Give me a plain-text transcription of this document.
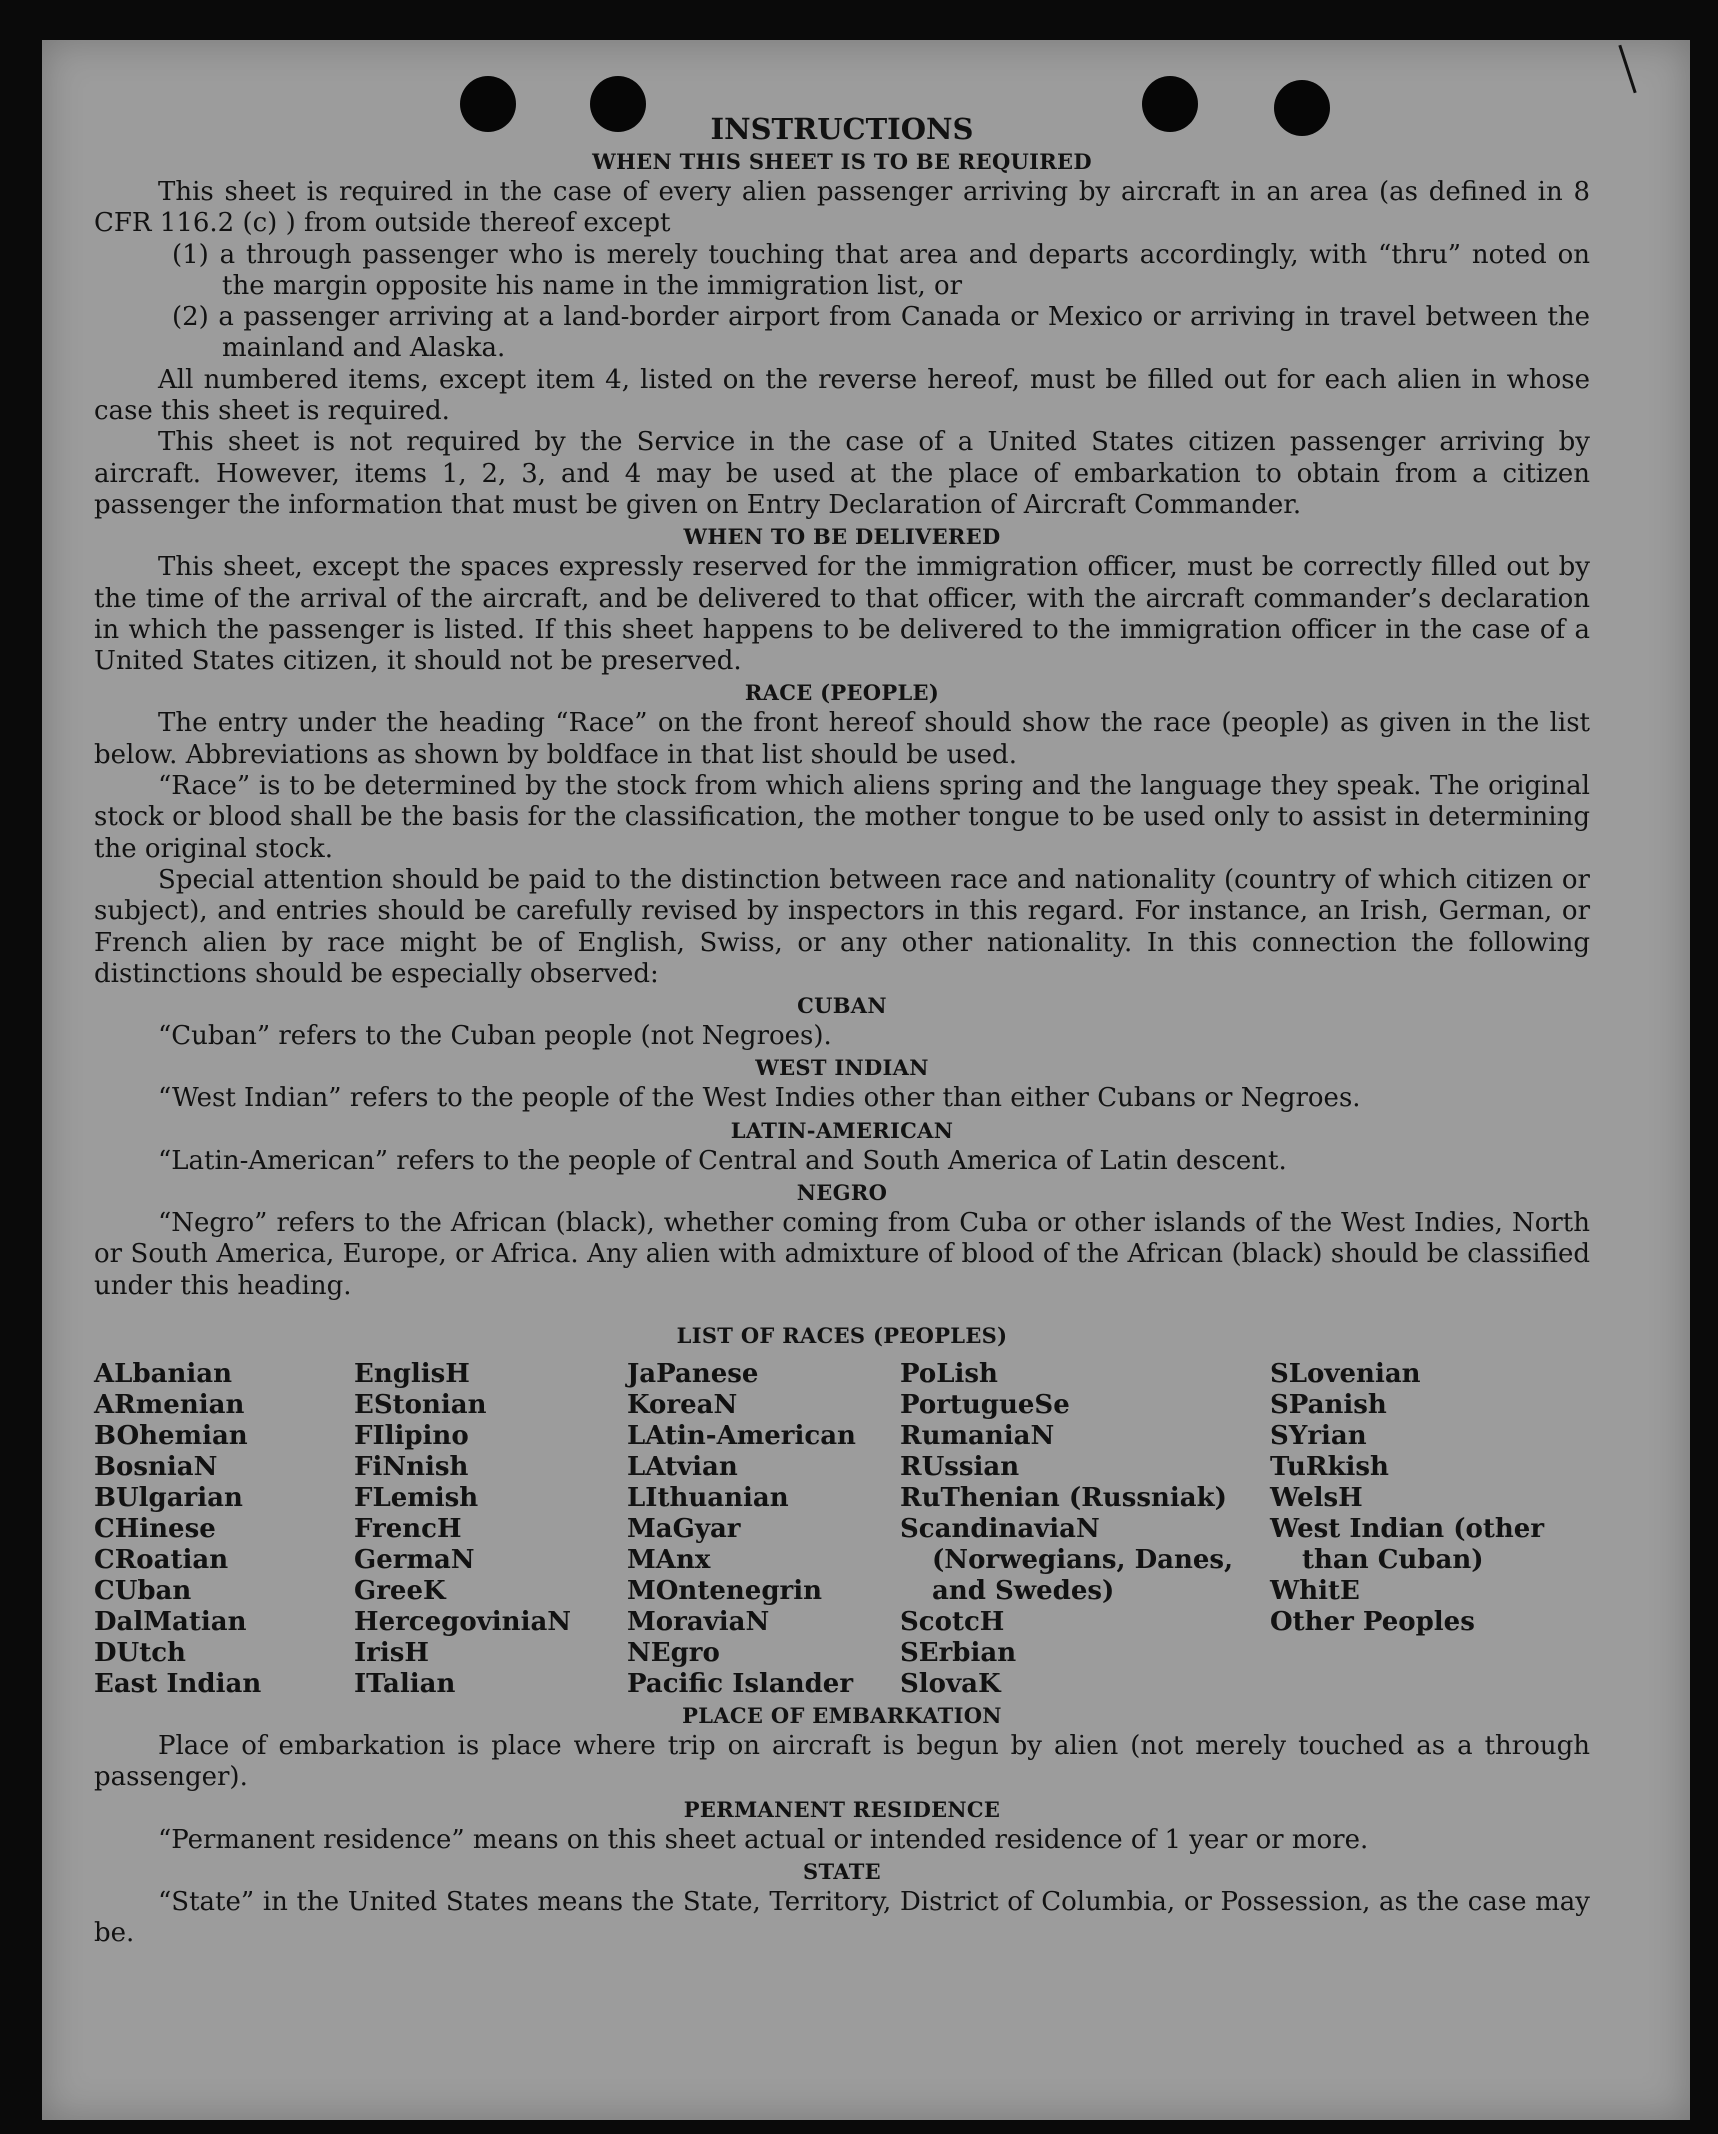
INSTRUCTIONS

WHEN THIS SHEET IS TO BE REQUIRED

This sheet is required in the case of every alien passenger arriving by aircraft in an area (as defined in 8 CFR 116.2 (c) ) from outside thereof except

(1) a through passenger who is merely touching that area and departs accordingly, with “thru” noted on the margin opposite his name in the immigration list, or

(2) a passenger arriving at a land-border airport from Canada or Mexico or arriving in travel between the mainland and Alaska.

All numbered items, except item 4, listed on the reverse hereof, must be filled out for each alien in whose case this sheet is required.

This sheet is not required by the Service in the case of a United States citizen passenger arriving by aircraft. However, items 1, 2, 3, and 4 may be used at the place of embarkation to obtain from a citizen passenger the information that must be given on Entry Declaration of Aircraft Commander.

WHEN TO BE DELIVERED

This sheet, except the spaces expressly reserved for the immigration officer, must be correctly filled out by the time of the arrival of the aircraft, and be delivered to that officer, with the aircraft commander’s declaration in which the passenger is listed. If this sheet happens to be delivered to the immigration officer in the case of a United States citizen, it should not be preserved.

RACE (PEOPLE)

The entry under the heading “Race” on the front hereof should show the race (people) as given in the list below. Abbreviations as shown by boldface in that list should be used.

“Race” is to be determined by the stock from which aliens spring and the language they speak. The original stock or blood shall be the basis for the classification, the mother tongue to be used only to assist in determining the original stock.

Special attention should be paid to the distinction between race and nationality (country of which citizen or subject), and entries should be carefully revised by inspectors in this regard. For instance, an Irish, German, or French alien by race might be of English, Swiss, or any other nationality. In this connection the following distinctions should be especially observed:

CUBAN

“Cuban” refers to the Cuban people (not Negroes).

WEST INDIAN

“West Indian” refers to the people of the West Indies other than either Cubans or Negroes.

LATIN-AMERICAN

“Latin-American” refers to the people of Central and South America of Latin descent.

NEGRO

“Negro” refers to the African (black), whether coming from Cuba or other islands of the West Indies, North or South America, Europe, or Africa. Any alien with admixture of blood of the African (black) should be classified under this heading.

LIST OF RACES (PEOPLES)

ALbanian
ARmenian
BOhemian
BosniaN
BUlgarian
CHinese
CRoatian
CUban
DalMatian
DUtch
East Indian
EnglisH
EStonian
FIlipino
FiNnish
FLemish
FrencH
GermaN
GreeK
HercegoviniaN
IrisH
ITalian
JaPanese
KoreaN
LAtin-American
LAtvian
LIthuanian
MaGyar
MAnx
MOntenegrin
MoraviaN
NEgro
Pacific Islander
PoLish
PortugueSe
RumaniaN
RUssian
RuThenian (Russniak)
ScandinaviaN (Norwegians, Danes, and Swedes)
ScotcH
SErbian
SlovaK
SLovenian
SPanish
SYrian
TuRkish
WelsH
West Indian (other than Cuban)
WhitE
Other Peoples

PLACE OF EMBARKATION

Place of embarkation is place where trip on aircraft is begun by alien (not merely touched as a through passenger).

PERMANENT RESIDENCE

“Permanent residence” means on this sheet actual or intended residence of 1 year or more.

STATE

“State” in the United States means the State, Territory, District of Columbia, or Possession, as the case may be.
